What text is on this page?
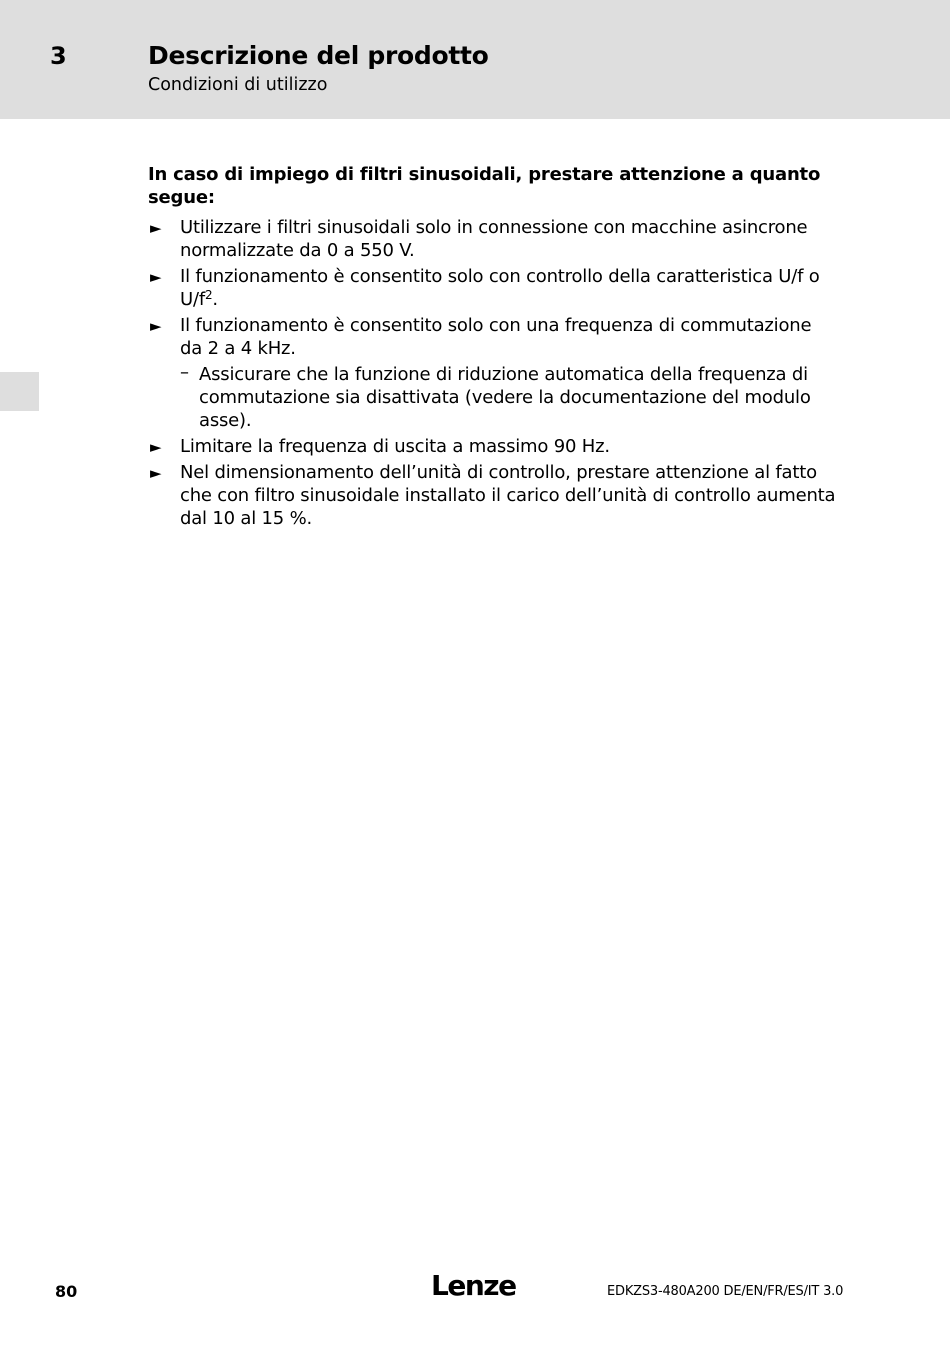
3	Descrizione del prodotto
Condizioni di utilizzo

In caso di impiego di filtri sinusoidali, prestare attenzione a quanto segue:

► Utilizzare i filtri sinusoidali solo in connessione con macchine asincrone normalizzate da 0 a 550 V.
► Il funzionamento è consentito solo con controllo della caratteristica U/f o $U/f^2$.
► Il funzionamento è consentito solo con una frequenza di commutazione da 2 a 4 kHz.
– Assicurare che la funzione di riduzione automatica della frequenza di commutazione sia disattivata (vedere la documentazione del modulo asse).
► Limitare la frequenza di uscita a massimo 90 Hz.
► Nel dimensionamento dell’unità di controllo, prestare attenzione al fatto che con filtro sinusoidale installato il carico dell’unità di controllo aumenta dal 10 al 15 %.
80	Lenze	EDKZS3-480A200 DE/EN/FR/ES/IT 3.0
